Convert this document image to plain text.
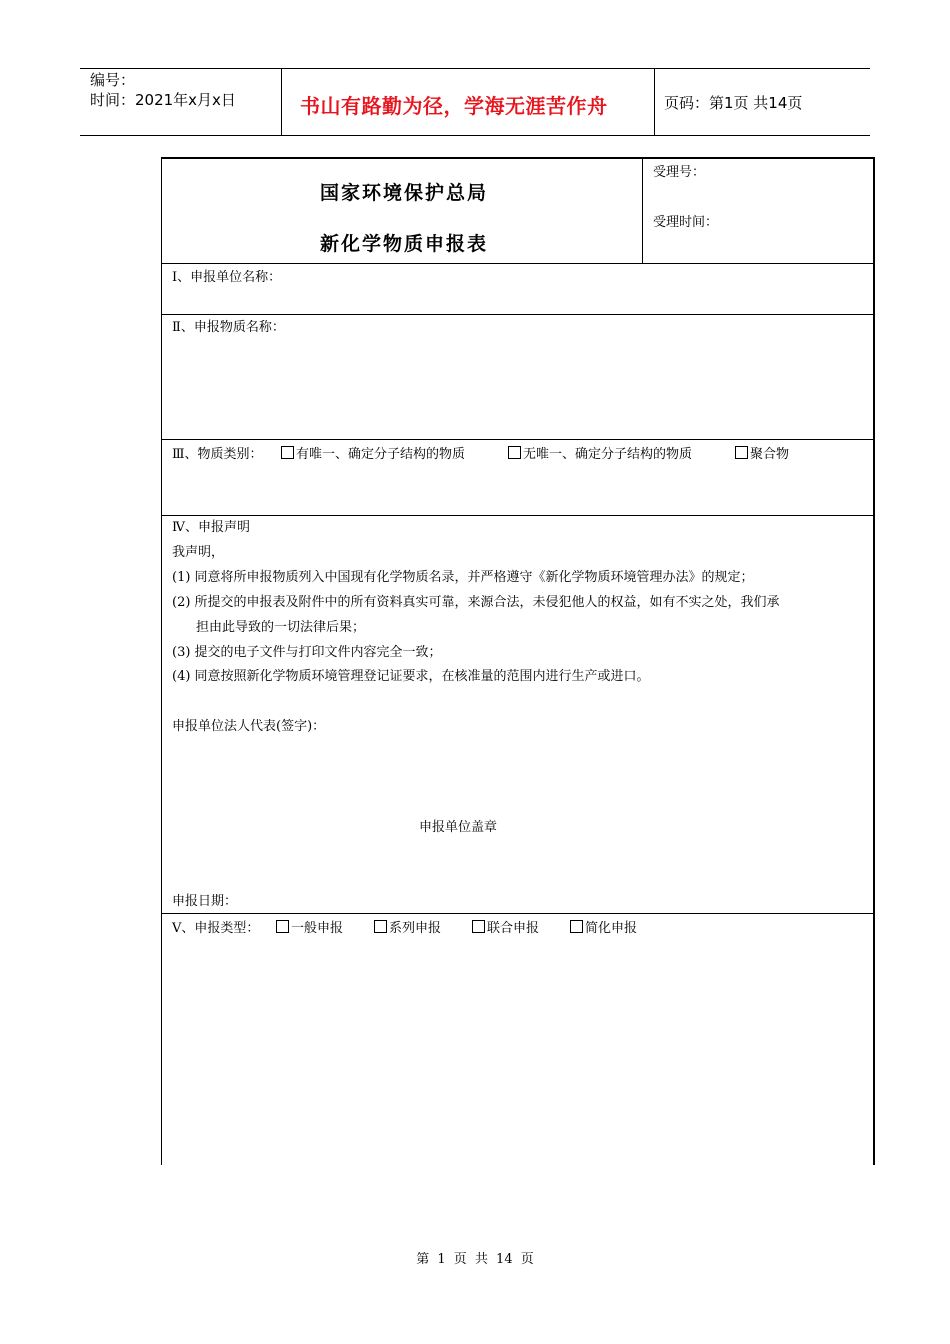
编号：
时间：2021年x月x日	书山有路勤为径，学海无涯苦作舟	页码：第1页 共14页
国家环境保护总局
新化学物质申报表
受理号：
受理时间：
Ⅰ、申报单位名称：
Ⅱ、申报物质名称：
Ⅲ、物质类别：	有唯一、确定分子结构的物质	无唯一、确定分子结构的物质	聚合物
Ⅳ、申报声明
我声明，
(1) 同意将所申报物质列入中国现有化学物质名录，并严格遵守《新化学物质环境管理办法》的规定；
(2) 所提交的申报表及附件中的所有资料真实可靠，来源合法，未侵犯他人的权益，如有不实之处，我们承
担由此导致的一切法律后果；
(3) 提交的电子文件与打印文件内容完全一致；
(4) 同意按照新化学物质环境管理登记证要求，在核准量的范围内进行生产或进口。
申报单位法人代表(签字)：
申报单位盖章
申报日期：
Ⅴ、申报类型：	一般申报	系列申报	联合申报	简化申报
第 1 页 共 14 页
